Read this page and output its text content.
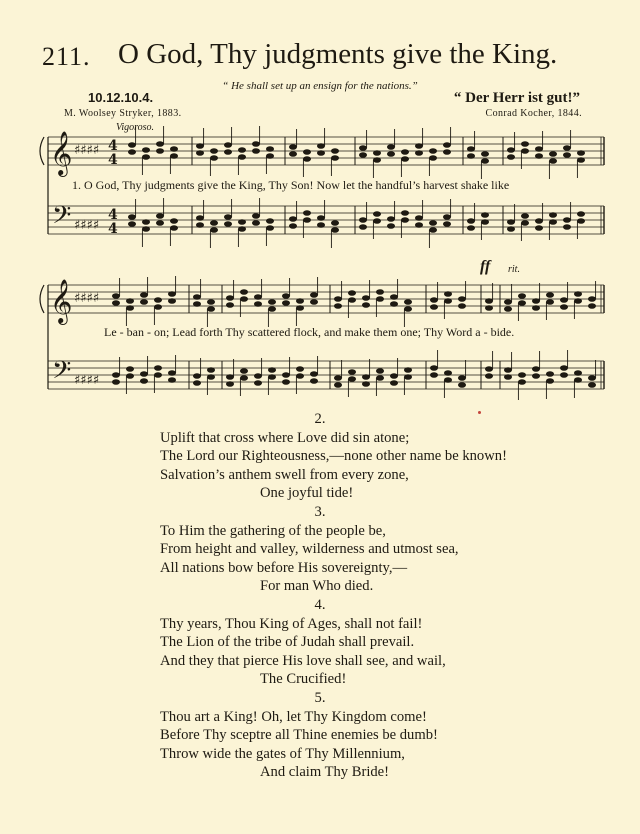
211. O God, Thy judgments give the King.
“ He shall set up an ensign for the nations.”
10.12.10.4.	“ Der Herr ist gut!”
M. Woolsey Stryker, 1883.	Conrad Kocher, 1844.
Vigoroso.
ff rit.
𝄞
𝄢
♯♯♯♯
♯♯♯♯
4
4
4
4
𝄞
𝄢
♯♯♯♯
♯♯♯♯
1. O God, Thy judgments give the King, Thy Son! Now let the handful’s harvest shake like
Le - ban - on; Lead forth Thy scattered flock, and make them one; Thy Word a - bide.
2.
Uplift that cross where Love did sin atone;
The Lord our Righteousness,—none other name be known!
Salvation’s anthem swell from every zone,
One joyful tide!
3.
To Him the gathering of the people be,
From height and valley, wilderness and utmost sea,
All nations bow before His sovereignty,—
For man Who died.
4.
Thy years, Thou King of Ages, shall not fail!
The Lion of the tribe of Judah shall prevail.
And they that pierce His love shall see, and wail,
The Crucified!
5.
Thou art a King! Oh, let Thy Kingdom come!
Before Thy sceptre all Thine enemies be dumb!
Throw wide the gates of Thy Millennium,
And claim Thy Bride!
